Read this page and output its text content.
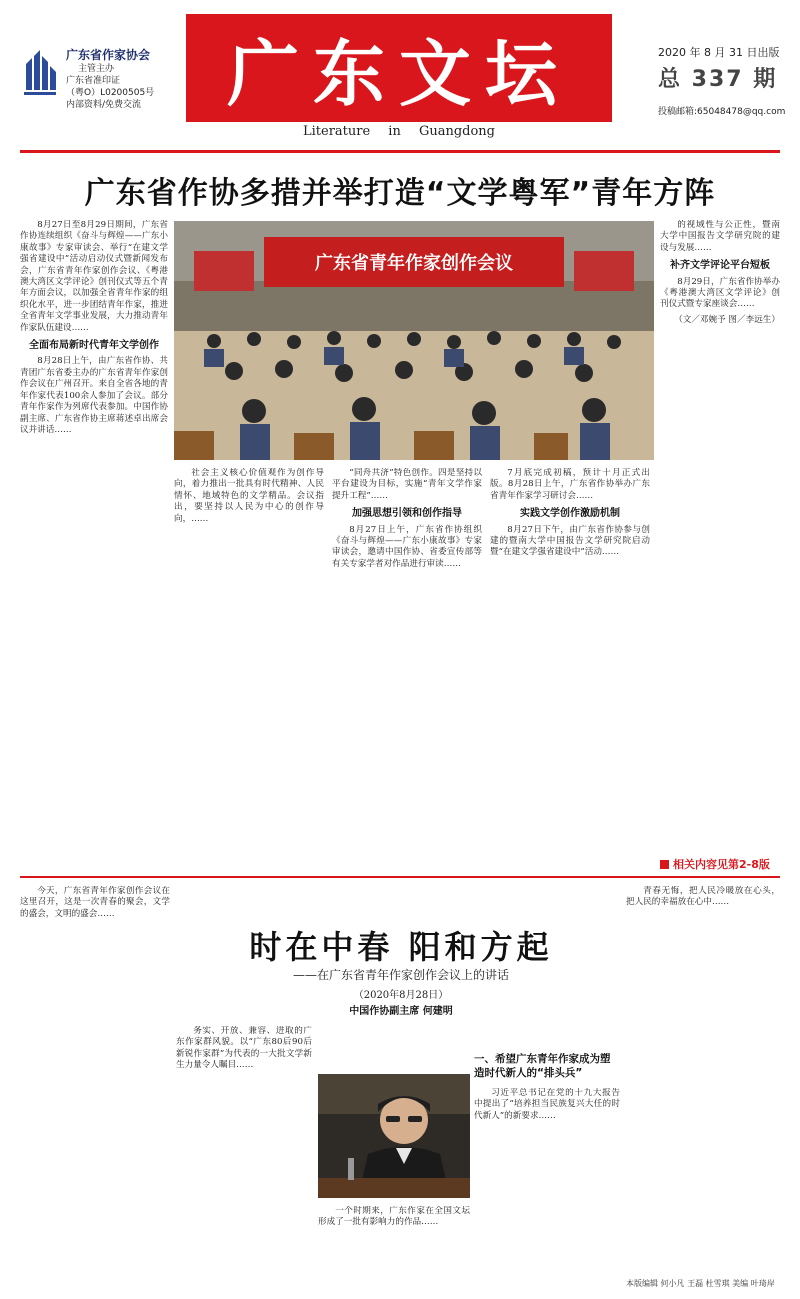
广东省作家协会
主管主办
广东省准印证
（粤O）L0200505号
内部资料/免费交流	广东文坛
Literature in Guangdong
2020 年 8 月 31 日出版
总 337 期
投稿邮箱:65048478@qq.com
广东省作协多措并举打造“文学粤军”青年方阵

8月27日至8月29日期间，广东省作协连续组织《奋斗与辉煌——广东小康故事》专家审读会、举行“在建文学强省建设中”活动启动仪式暨新闻发布会，广东省青年作家创作会议、《粤港澳大湾区文学评论》创刊仪式等五个青年方面会议，以加强全省青年作家的组织化水平，进一步团结青年作家，推进全省青年文学事业发展，大力推动青年作家队伍建设……

全面布局新时代青年文学创作

8月28日上午，由广东省作协、共青团广东省委主办的广东省青年作家创作会议在广州召开。来自全省各地的青年作家代表100余人参加了会议。部分青年作家作为列席代表参加。中国作协副主席、广东省作协主席蒋述卓出席会议并讲话……

广东省青年作家创作会议

社会主义核心价值观作为创作导向，着力推出一批具有时代精神、人民情怀、地域特色的文学精品。会议指出，要坚持以人民为中心的创作导向，……

“同舟共济”特色创作。四是坚持以平台建设为目标，实施“青年文学作家提升工程”……

加强思想引领和创作指导

8月27日上午，广东省作协组织《奋斗与辉煌——广东小康故事》专家审读会，邀请中国作协、省委宣传部等有关专家学者对作品进行审读……

7月底完成初稿，预计十月正式出版。8月28日上午，广东省作协举办广东省青年作家学习研讨会……

实践文学创作激励机制

8月27日下午，由广东省作协参与创建的暨南大学中国报告文学研究院启动暨“在建文学强省建设中”活动……

的视域性与公正性，暨南大学中国报告文学研究院的建设与发展……

补齐文学评论平台短板

8月29日，广东省作协举办《粤港澳大湾区文学评论》创刊仪式暨专家座谈会……

（文／邓婉予 图／李远生）
相关内容见第2-8版

今天，广东省青年作家创作会议在这里召开，这是一次青春的聚会，文学的盛会，文明的盛会……

时在中春 阳和方起
——在广东省青年作家创作会议上的讲话
（2020年8月28日）
中国作协副主席 何建明

务实、开放、兼容、进取的广东作家群风貌。以“广东80后90后新锐作家群”为代表的一大批文学新生力量令人瞩目……

一个时期来，广东作家在全国文坛形成了一批有影响力的作品……

一、希望广东青年作家成为塑造时代新人的“排头兵”

习近平总书记在党的十九大报告中提出了“培养担当民族复兴大任的时代新人”的新要求……

青春无悔，把人民冷暖放在心头，把人民的幸福放在心中……

本版编辑 何小凡 王磊 杜雪琪 美编 叶琦岸
